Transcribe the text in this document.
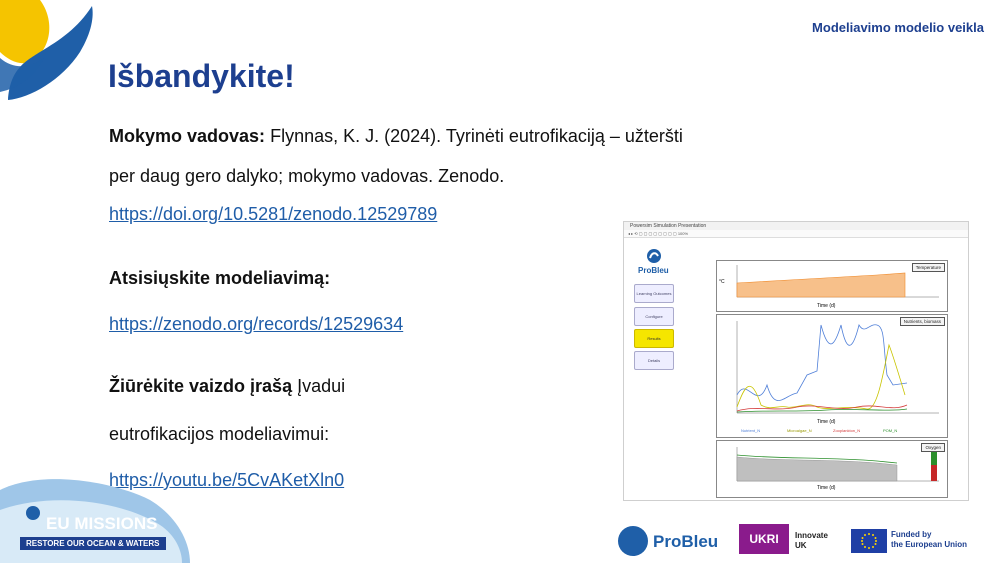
Modeliavimo modelio veikla
Išbandykite!
Mokymo vadovas: Flynnas, K. J. (2024). Tyrinėti eutrofikaciją – užteršti
per daug gero dalyko; mokymo vadovas. Zenodo.
https://doi.org/10.5281/zenodo.12529789
Atsisiųskite modeliavimą:
https://zenodo.org/records/12529634
Žiūrėkite vaizdo įrašą Įvadui
eutrofikacijos modeliavimui:
https://youtu.be/5CvAKetXln0
Powersim Simulation Presentation
◂ ▸ ⟲ ▢ ▢ ▢ ▢ ▢ ▢ ▢ ▢ 100%
ProBleu
Learning Outcomes
Configure
Results
Details
Temperature
Time (d)
°C
Nutrients, biomass
Time (d)
Nutrient_N	Microalgae_N	Zooplankton_N	POM_N
Oxygen
Time (d)
EU MISSIONS
RESTORE OUR OCEAN & WATERS	ProBleu	UKRI	Innovate
UK
Funded by
the European Union
